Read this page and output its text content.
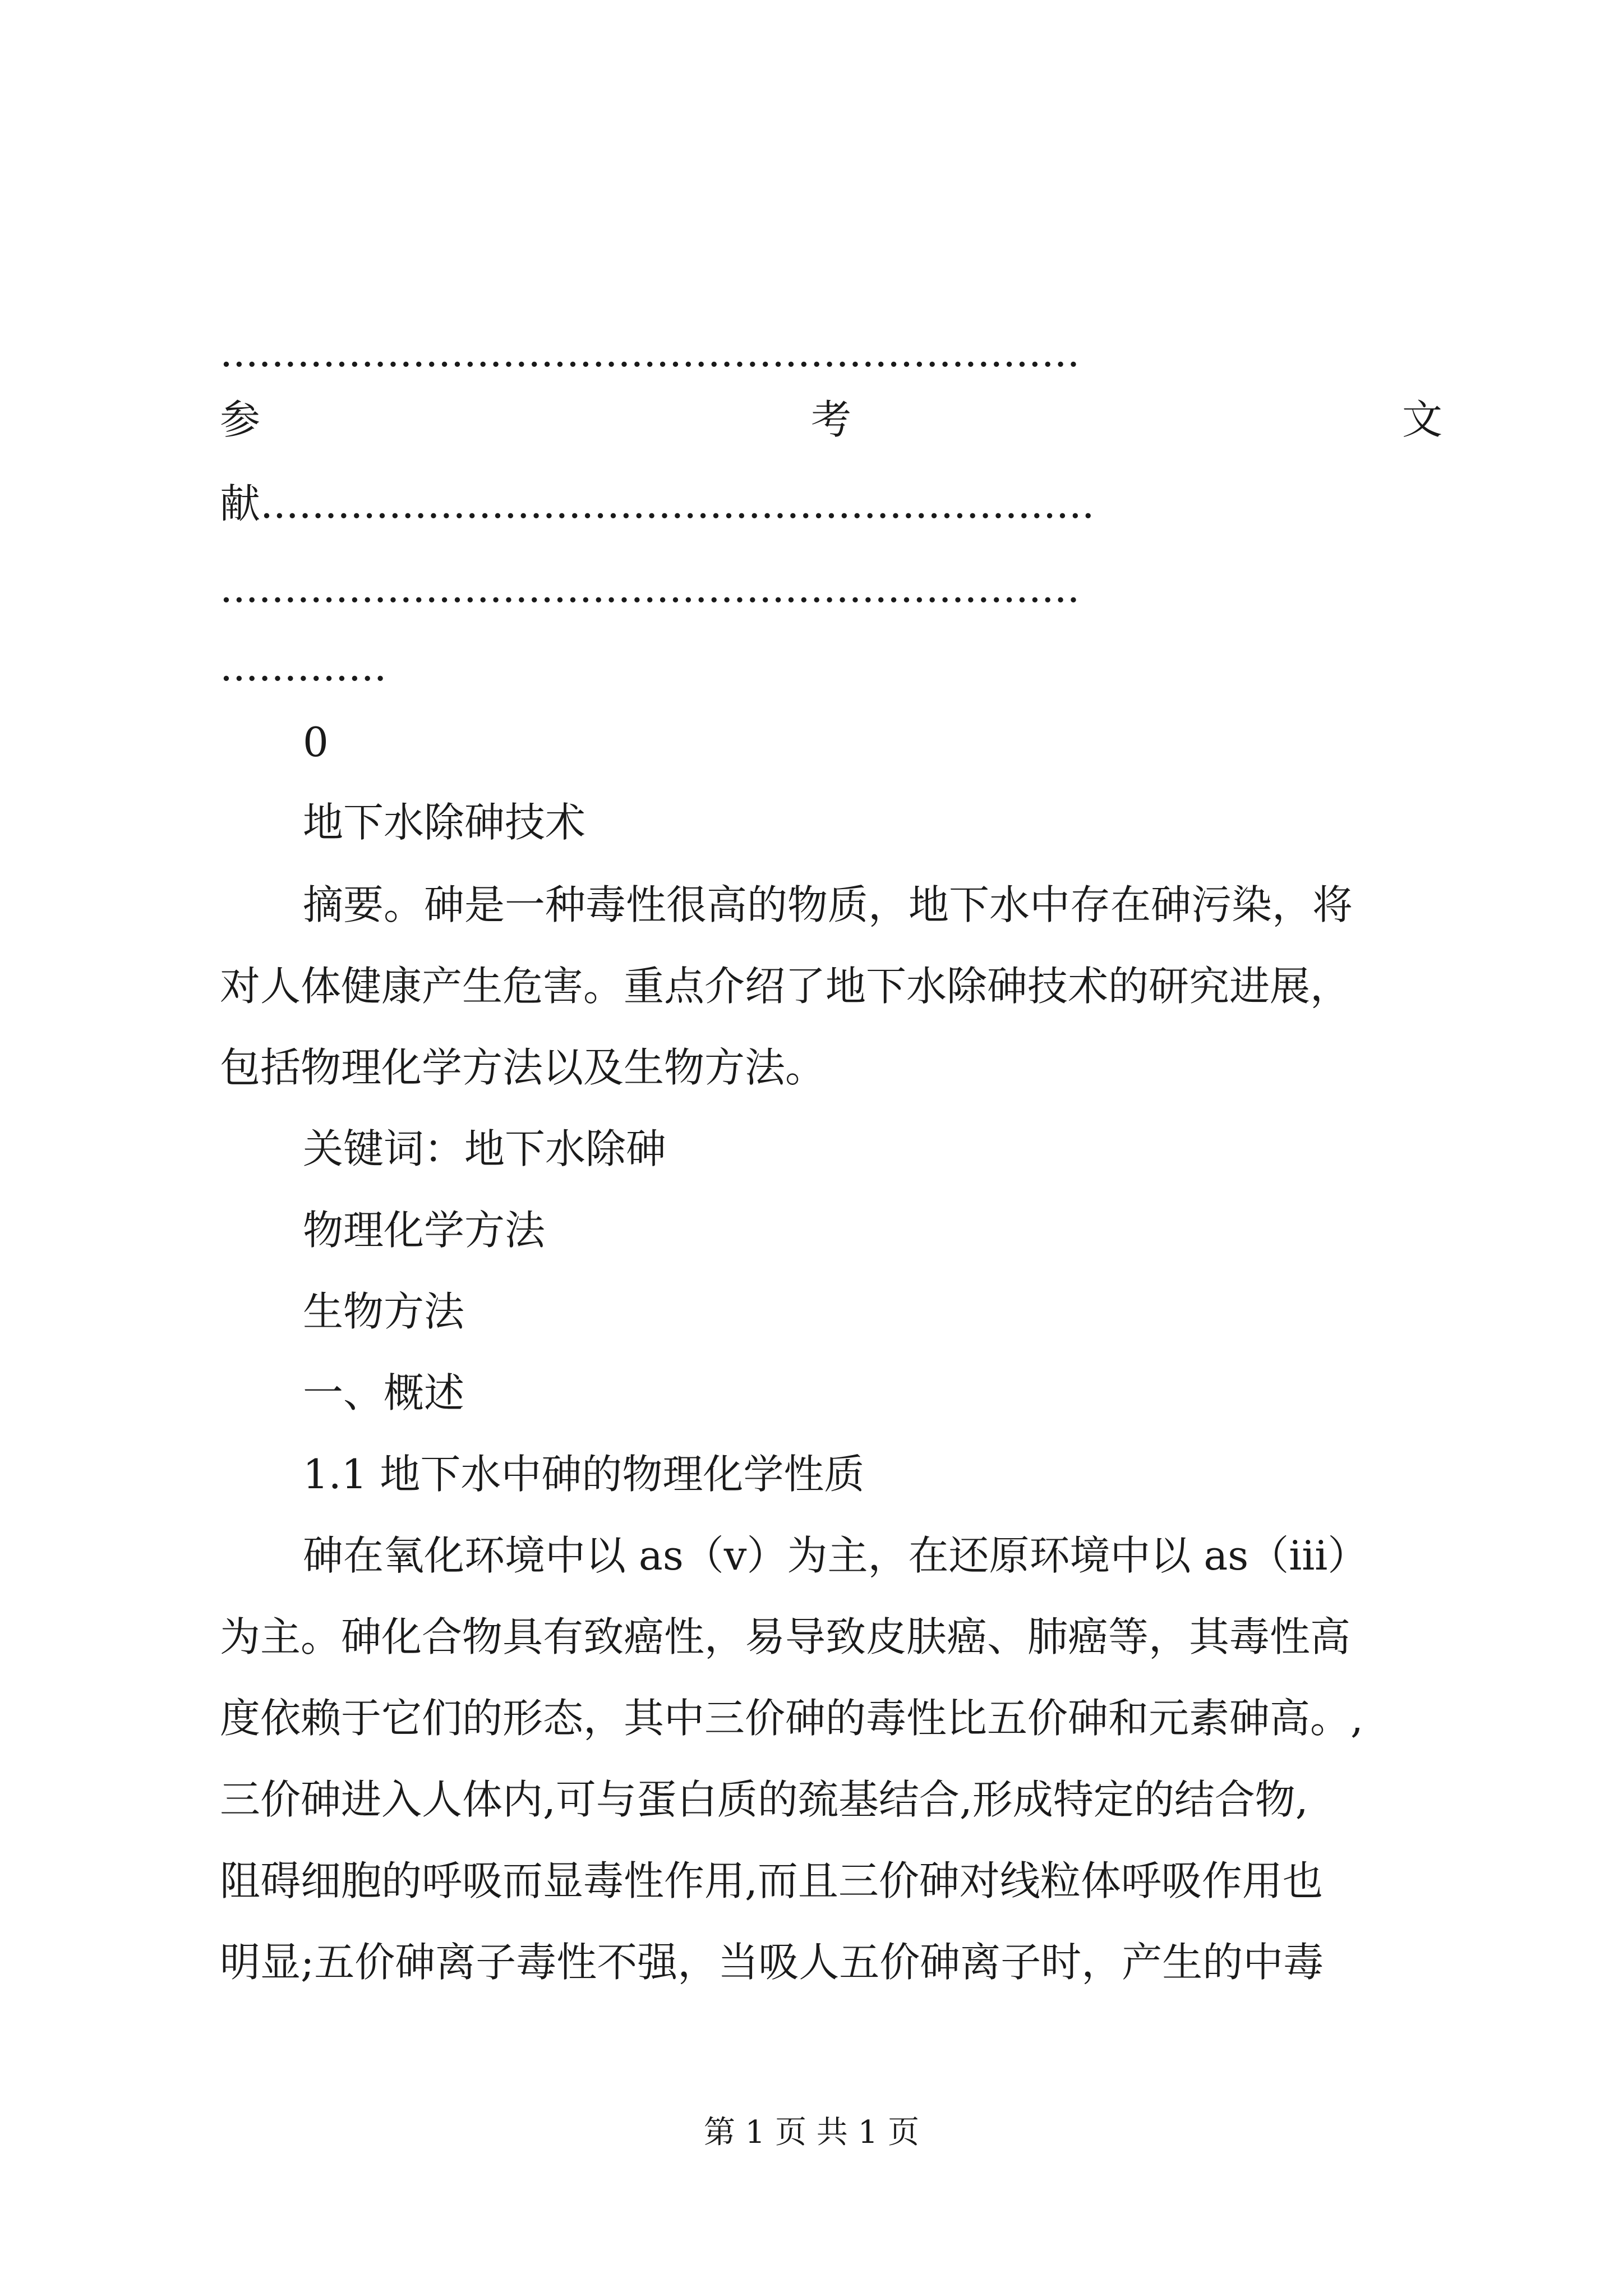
...................................................................
参	考	文
献.................................................................
...................................................................
.............
0
地下水除砷技术
摘要。砷是一种毒性很高的物质，地下水中存在砷污染，将
对人体健康产生危害。重点介绍了地下水除砷技术的研究进展，
包括物理化学方法以及生物方法。
关键词：地下水除砷
物理化学方法
生物方法
一、概述
1.1 地下水中砷的物理化学性质
砷在氧化环境中以 as（v）为主，在还原环境中以 as（iii）
为主。砷化合物具有致癌性，易导致皮肤癌、肺癌等，其毒性高
度依赖于它们的形态，其中三价砷的毒性比五价砷和元素砷高。,
三价砷进入人体内,可与蛋白质的巯基结合,形成特定的结合物,
阻碍细胞的呼吸而显毒性作用,而且三价砷对线粒体呼吸作用也
明显;五价砷离子毒性不强，当吸人五价砷离子时，产生的中毒
第 1 页 共 1 页
